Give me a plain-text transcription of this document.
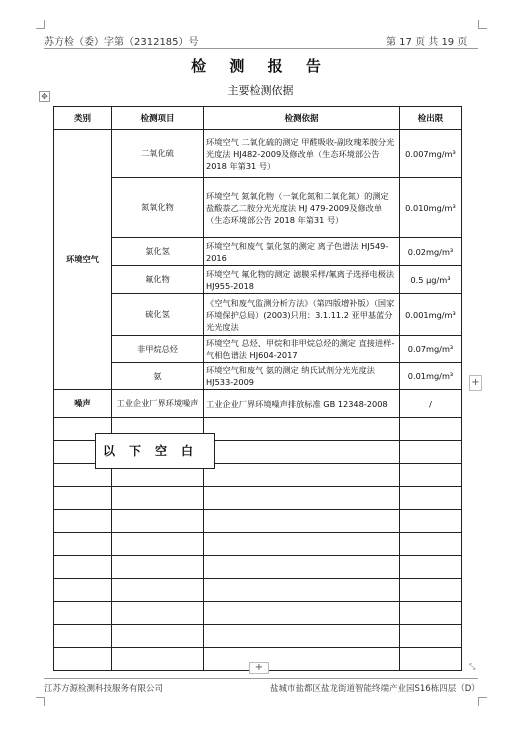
苏方检（委）字第（2312185）号	第 17 页 共 19 页
检 测 报 告
主要检测依据
✥
类别	检测项目	检测依据	检出限
环境空气	二氧化硫	环境空气 二氧化硫的测定 甲醛吸收-副玫瑰苯胺分光光度法 HJ482-2009及修改单（生态环境部公告 2018 年第31 号）	0.007mg/m³
	氮氧化物	环境空气 氮氧化物（一氧化氮和二氧化氮）的测定 盐酸萘乙二胺分光光度法 HJ 479-2009及修改单（生态环境部公告 2018 年第31 号）	0.010mg/m³
	氯化氢	环境空气和废气 氯化氢的测定 离子色谱法 HJ549-2016	0.02mg/m³
	氟化物	环境空气 氟化物的测定 滤膜采样/氟离子选择电极法 HJ955-2018	0.5 μg/m³
	硫化氢	《空气和废气监测分析方法》（第四版增补版）（国家环境保护总局）(2003)只用：3.1.11.2 亚甲基蓝分光光度法	0.001mg/m³
	非甲烷总烃	环境空气 总烃、甲烷和非甲烷总烃的测定 直接进样-气相色谱法 HJ604-2017	0.07mg/m³
	氨	环境空气和废气 氨的测定 纳氏试剂分光光度法 HJ533-2009	0.01mg/m³
噪声	工业企业厂界环境噪声	工业企业厂界环境噪声排放标准 GB 12348-2008	/

以下空白
+
+	⤡
江苏方源检测科技服务有限公司	盐城市盐都区盐龙街道智能终端产业园S16栋四层（D）
